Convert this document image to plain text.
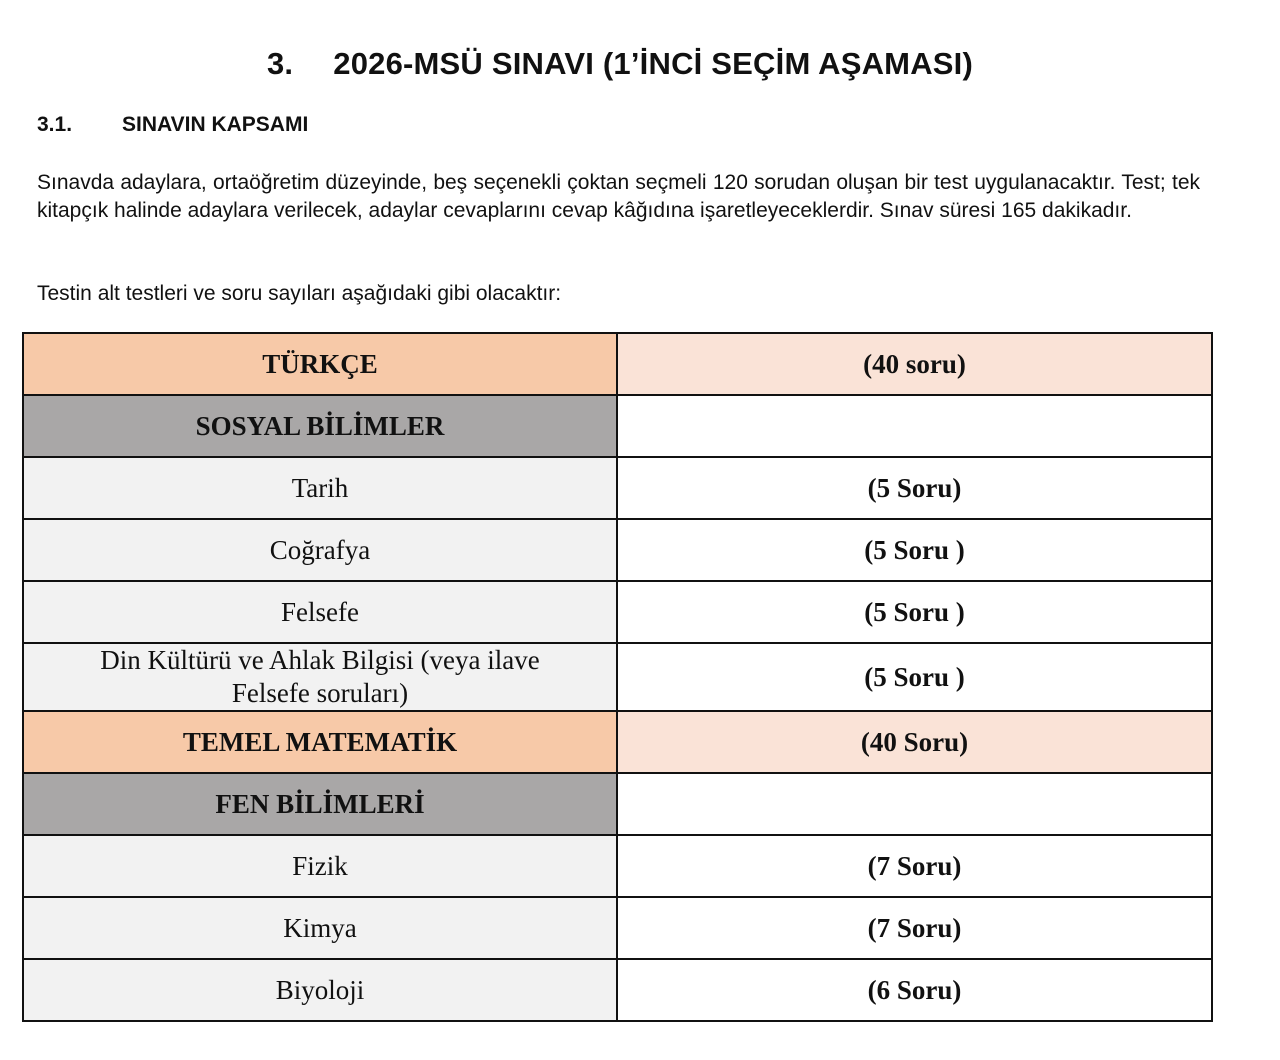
3. 2026-MSÜ SINAVI (1’İNCİ SEÇİM AŞAMASI)
3.1. SINAVIN KAPSAMI
Sınavda adaylara, ortaöğretim düzeyinde, beş seçenekli çoktan seçmeli 120 sorudan oluşan bir test uygulanacaktır. Test; tek kitapçık halinde adaylara verilecek, adaylar cevaplarını cevap kâğıdına işaretleyeceklerdir. Sınav süresi 165 dakikadır.
Testin alt testleri ve soru sayıları aşağıdaki gibi olacaktır:
TÜRKÇE	(40 soru)
SOSYAL BİLİMLER	
Tarih	(5 Soru)
Coğrafya	(5 Soru )
Felsefe	(5 Soru )
Din Kültürü ve Ahlak Bilgisi (veya ilave
Felsefe soruları)	(5 Soru )
TEMEL MATEMATİK	(40 Soru)
FEN BİLİMLERİ	
Fizik	(7 Soru)
Kimya	(7 Soru)
Biyoloji	(6 Soru)
